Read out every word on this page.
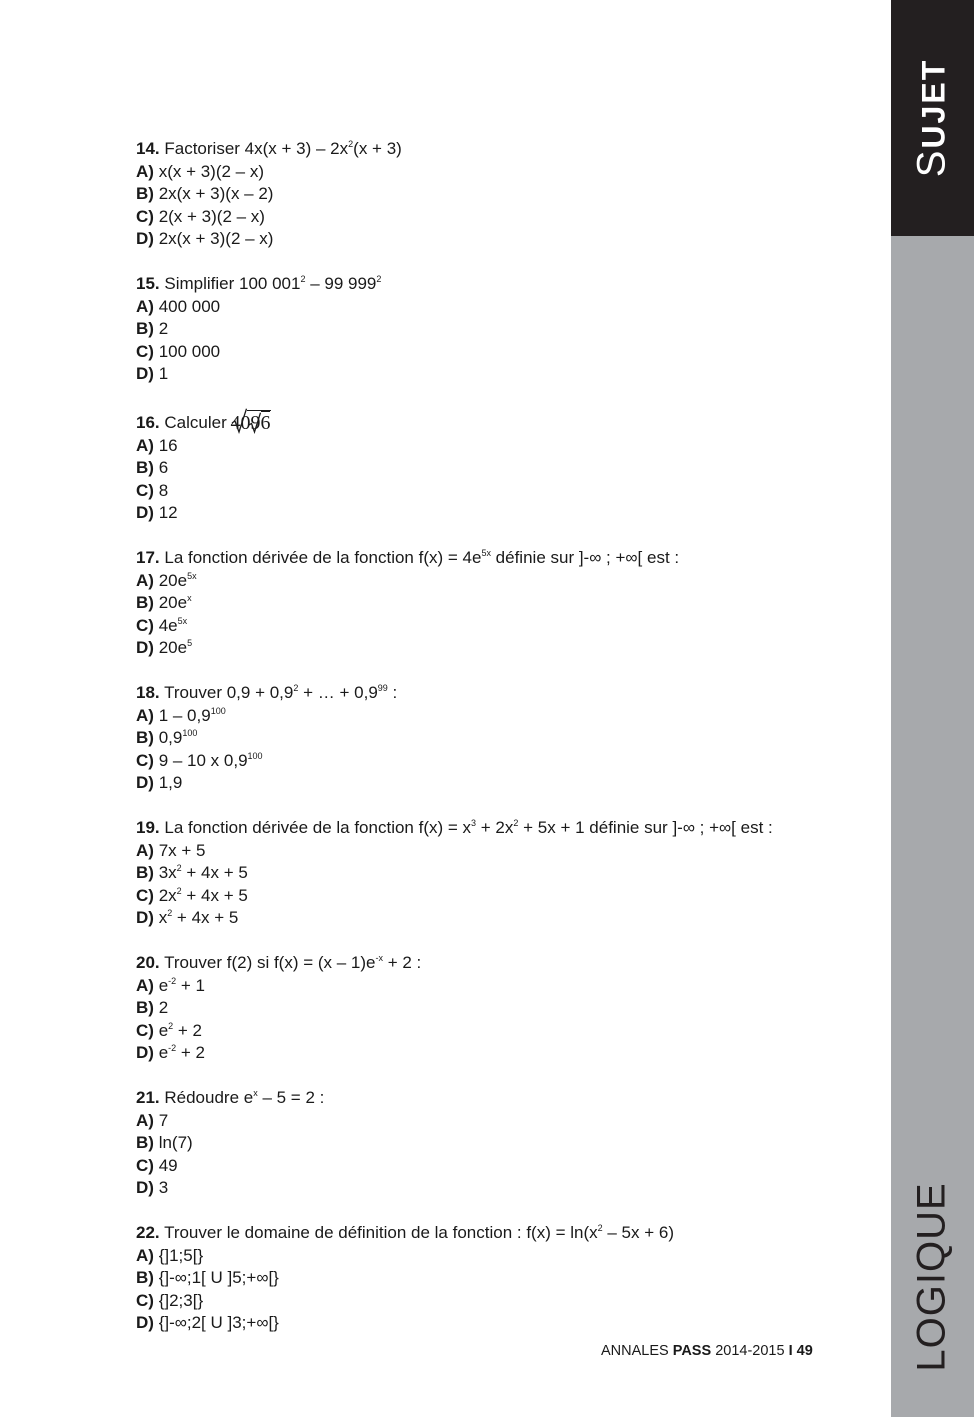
SUJET
LOGIQUE
14. Factoriser $4x(x + 3) - 2x^2(x + 3)$
A) x(x + 3)(2 – x)
B) 2x(x + 3)(x – 2)
C) 2(x + 3)(2 – x)
D) 2x(x + 3)(2 – x)
15. Simplifier 100 $001^2 - 99$ $999^2$
A) 400 000
B) 2
C) 100 000
D) 1
16. Calculer 4096
A) 16
B) 6
C) 8
D) 12
17. La fonction dérivée de la fonction $f(x) = 4e^{5x}$ définie sur ]-∞ ; +∞[ est :
A) $20e^{5x}$
B) $20e^x$
C) $4e^{5x}$
D) $20e^5$
18. Trouver $0,9 + 0,9^2$ + … + $0,9^{99}$ :
A) $1 - 0,9^{100}$
B) $0,9^{100}$
C) 9 – 10 x $0,9^{100}$
D) 1,9
19. La fonction dérivée de la fonction $f(x) = x^3 + 2x^2 + 5x + 1$ définie sur ]-∞ ; +∞[ est :
A) 7x + 5
B) $3x^2 + 4x + 5$
C) $2x^2 + 4x + 5$
D) $x^2 + 4x + 5$
20. Trouver f(2) si $f(x) = (x - 1)e^{-x} + 2$ :
A) $e^{-2} + 1$
B) 2
C) $e^2 + 2$
D) $e^{-2} + 2$
21. Rédoudre $e^x - 5 = 2$ :
A) 7
B) ln(7)
C) 49
D) 3
22. Trouver le domaine de définition de la fonction : $f(x) = \ln(x^2 - 5x + 6)$
A) {]1;5[}
B) {]-∞;1[ U ]5;+∞[}
C) {]2;3[}
D) {]-∞;2[ U ]3;+∞[}
ANNALES PASS 2014-2015 I 49
